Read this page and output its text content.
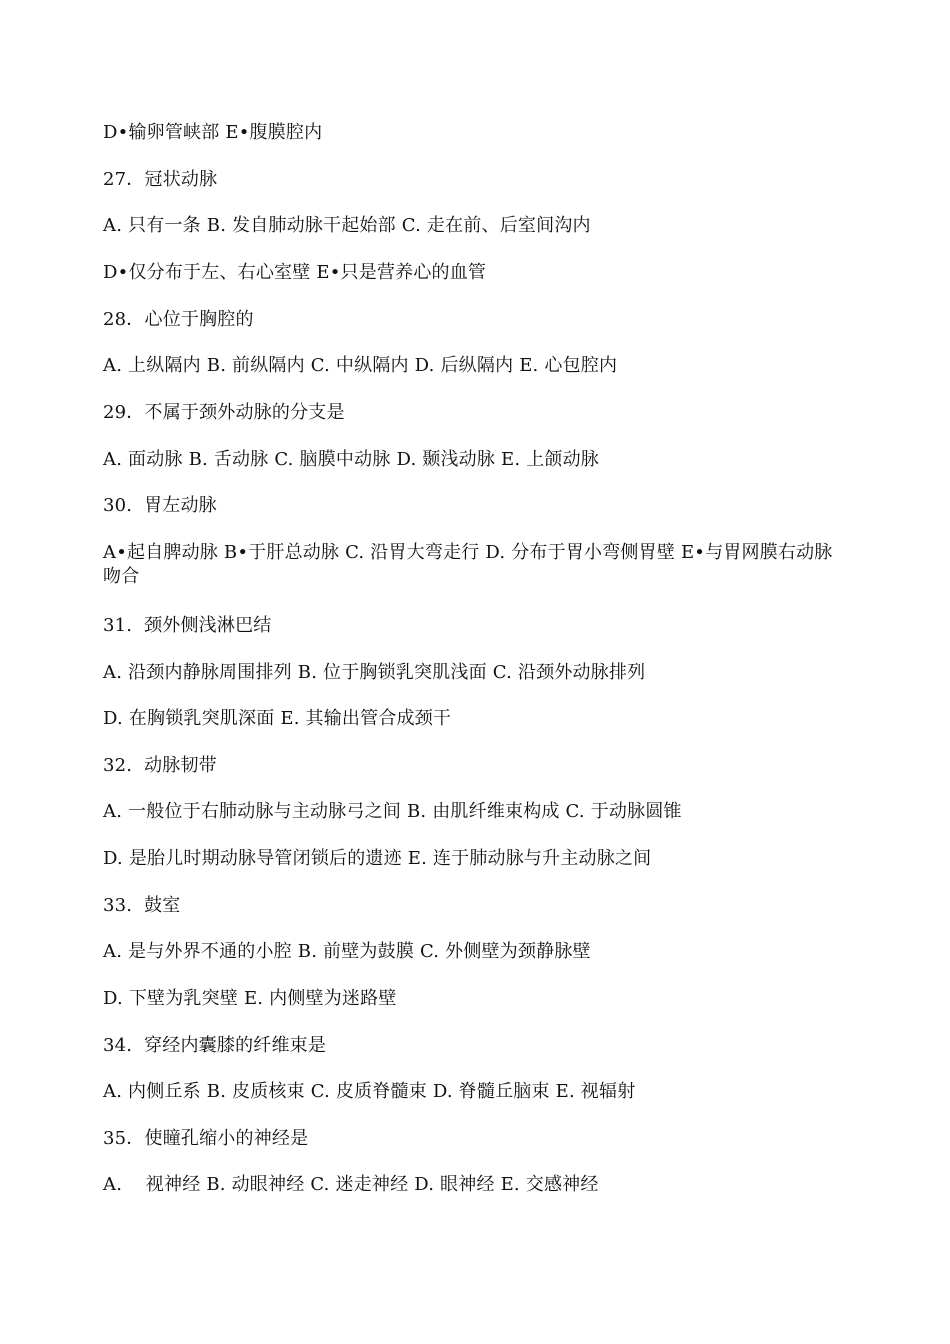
D•输卵管峡部 E•腹膜腔内
27．冠状动脉
A. 只有一条 B. 发自肺动脉干起始部 C. 走在前、后室间沟内
D•仅分布于左、右心室壁 E•只是营养心的血管
28．心位于胸腔的
A. 上纵隔内 B. 前纵隔内 C. 中纵隔内 D. 后纵隔内 E. 心包腔内
29．不属于颈外动脉的分支是
A. 面动脉 B. 舌动脉 C. 脑膜中动脉 D. 颞浅动脉 E. 上颌动脉
30.  胃左动脉
A•起自脾动脉 B•于肝总动脉 C. 沿胃大弯走行 D. 分布于胃小弯侧胃壁 E•与胃网膜右动脉吻合
31.  颈外侧浅淋巴结
A. 沿颈内静脉周围排列 B. 位于胸锁乳突肌浅面 C. 沿颈外动脉排列
D. 在胸锁乳突肌深面 E. 其输出管合成颈干
32.  动脉韧带
A. 一般位于右肺动脉与主动脉弓之间 B. 由肌纤维束构成 C. 于动脉圆锥
D. 是胎儿时期动脉导管闭锁后的遗迹 E. 连于肺动脉与升主动脉之间
33.  鼓室
A. 是与外界不通的小腔 B. 前壁为鼓膜 C. 外侧壁为颈静脉壁
D. 下壁为乳突壁 E. 内侧壁为迷路壁
34.  穿经内囊膝的纤维束是
A. 内侧丘系 B. 皮质核束 C. 皮质脊髓束 D. 脊髓丘脑束 E. 视辐射
35．使瞳孔缩小的神经是
A.    视神经 B. 动眼神经 C. 迷走神经 D. 眼神经 E. 交感神经
